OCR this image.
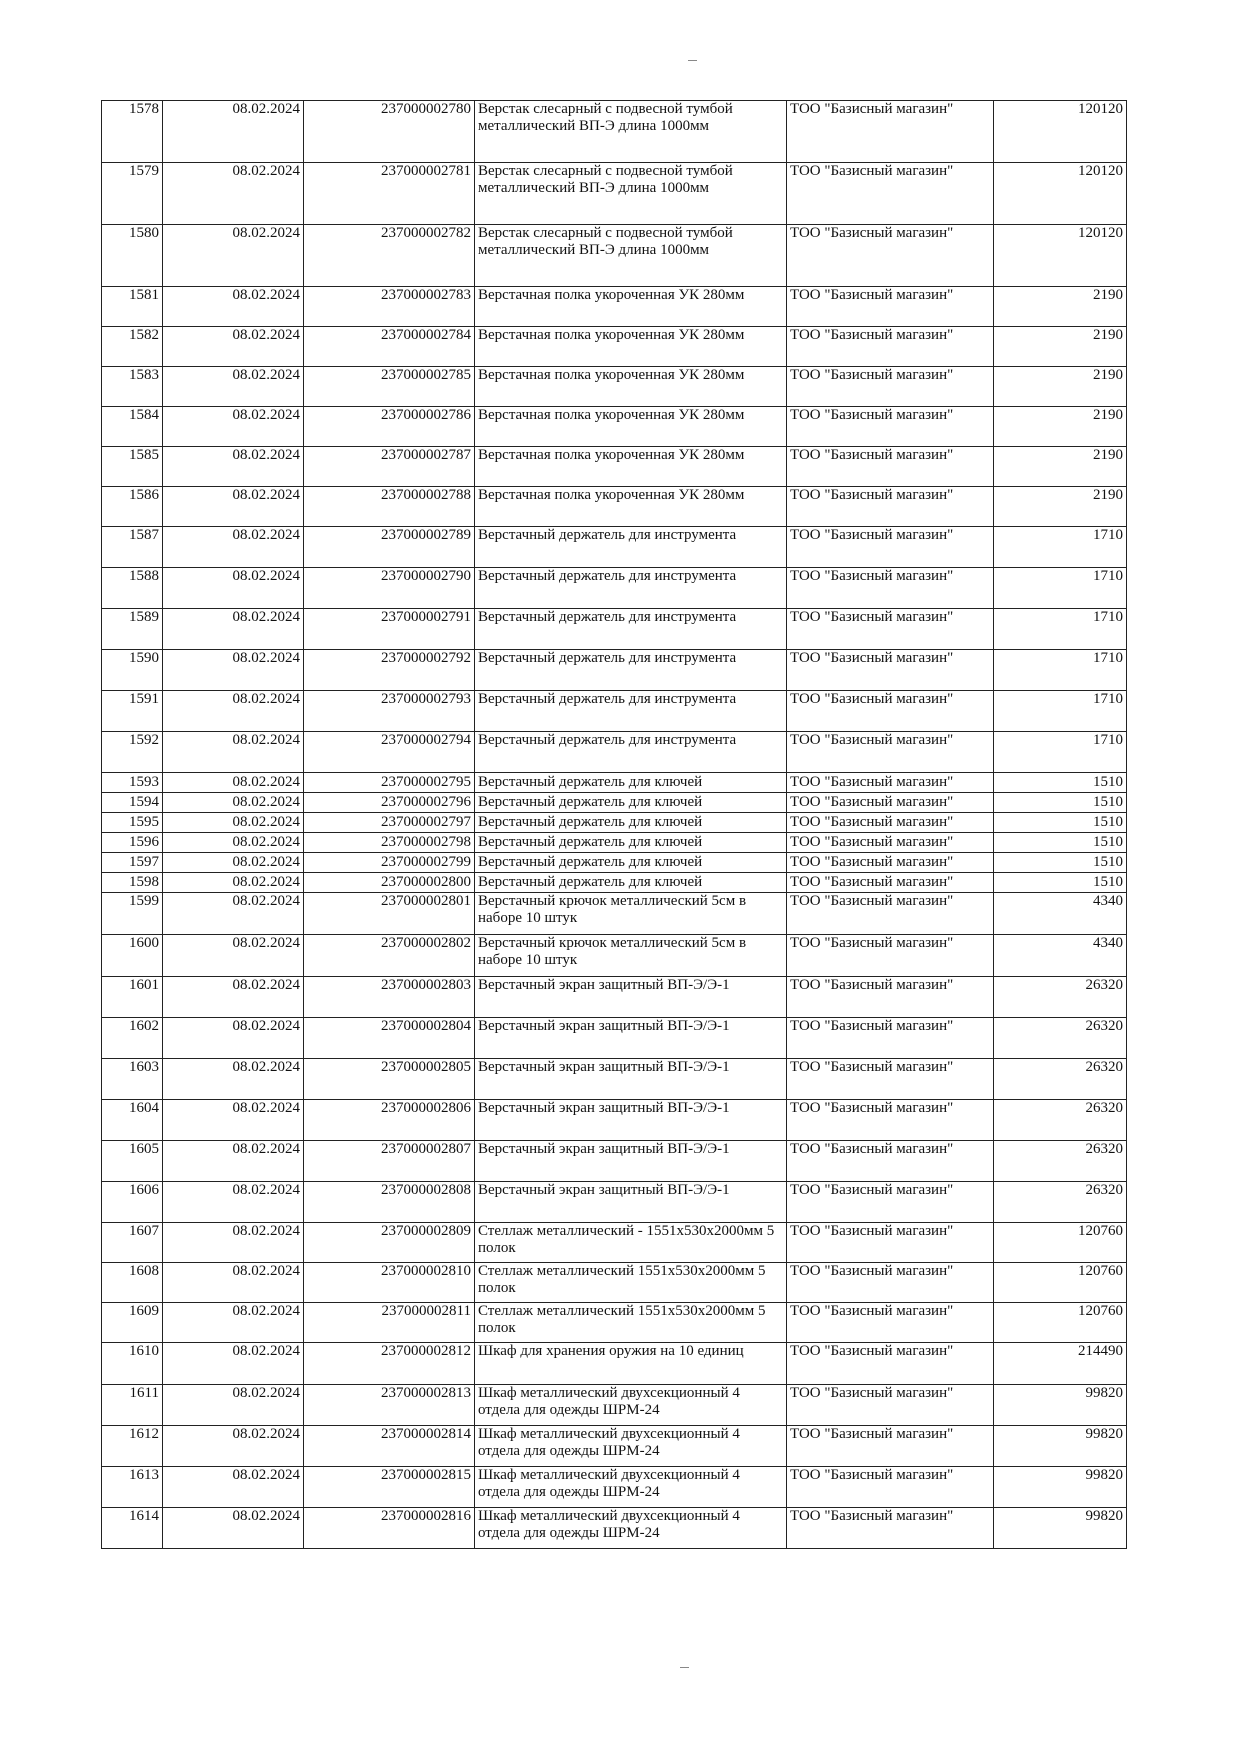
1578	08.02.2024	237000002780	Верстак слесарный с подвесной тумбой металлический ВП-Э длина 1000мм	ТОО "Базисный магазин"	120120
1579	08.02.2024	237000002781	Верстак слесарный с подвесной тумбой металлический ВП-Э длина 1000мм	ТОО "Базисный магазин"	120120
1580	08.02.2024	237000002782	Верстак слесарный с подвесной тумбой металлический ВП-Э длина 1000мм	ТОО "Базисный магазин"	120120
1581	08.02.2024	237000002783	Верстачная полка укороченная УК 280мм	ТОО "Базисный магазин"	2190
1582	08.02.2024	237000002784	Верстачная полка укороченная УК 280мм	ТОО "Базисный магазин"	2190
1583	08.02.2024	237000002785	Верстачная полка укороченная УК 280мм	ТОО "Базисный магазин"	2190
1584	08.02.2024	237000002786	Верстачная полка укороченная УК 280мм	ТОО "Базисный магазин"	2190
1585	08.02.2024	237000002787	Верстачная полка укороченная УК 280мм	ТОО "Базисный магазин"	2190
1586	08.02.2024	237000002788	Верстачная полка укороченная УК 280мм	ТОО "Базисный магазин"	2190
1587	08.02.2024	237000002789	Верстачный держатель для инструмента	ТОО "Базисный магазин"	1710
1588	08.02.2024	237000002790	Верстачный держатель для инструмента	ТОО "Базисный магазин"	1710
1589	08.02.2024	237000002791	Верстачный держатель для инструмента	ТОО "Базисный магазин"	1710
1590	08.02.2024	237000002792	Верстачный держатель для инструмента	ТОО "Базисный магазин"	1710
1591	08.02.2024	237000002793	Верстачный держатель для инструмента	ТОО "Базисный магазин"	1710
1592	08.02.2024	237000002794	Верстачный держатель для инструмента	ТОО "Базисный магазин"	1710
1593	08.02.2024	237000002795	Верстачный держатель для ключей	ТОО "Базисный магазин"	1510
1594	08.02.2024	237000002796	Верстачный держатель для ключей	ТОО "Базисный магазин"	1510
1595	08.02.2024	237000002797	Верстачный держатель для ключей	ТОО "Базисный магазин"	1510
1596	08.02.2024	237000002798	Верстачный держатель для ключей	ТОО "Базисный магазин"	1510
1597	08.02.2024	237000002799	Верстачный держатель для ключей	ТОО "Базисный магазин"	1510
1598	08.02.2024	237000002800	Верстачный держатель для ключей	ТОО "Базисный магазин"	1510
1599	08.02.2024	237000002801	Верстачный крючок металлический 5см в наборе 10 штук	ТОО "Базисный магазин"	4340
1600	08.02.2024	237000002802	Верстачный крючок металлический 5см в наборе 10 штук	ТОО "Базисный магазин"	4340
1601	08.02.2024	237000002803	Верстачный экран защитный ВП-Э/Э-1	ТОО "Базисный магазин"	26320
1602	08.02.2024	237000002804	Верстачный экран защитный ВП-Э/Э-1	ТОО "Базисный магазин"	26320
1603	08.02.2024	237000002805	Верстачный экран защитный ВП-Э/Э-1	ТОО "Базисный магазин"	26320
1604	08.02.2024	237000002806	Верстачный экран защитный ВП-Э/Э-1	ТОО "Базисный магазин"	26320
1605	08.02.2024	237000002807	Верстачный экран защитный ВП-Э/Э-1	ТОО "Базисный магазин"	26320
1606	08.02.2024	237000002808	Верстачный экран защитный ВП-Э/Э-1	ТОО "Базисный магазин"	26320
1607	08.02.2024	237000002809	Стеллаж металлический - 1551х530х2000мм 5 полок	ТОО "Базисный магазин"	120760
1608	08.02.2024	237000002810	Стеллаж металлический 1551х530х2000мм 5 полок	ТОО "Базисный магазин"	120760
1609	08.02.2024	237000002811	Стеллаж металлический 1551х530х2000мм 5 полок	ТОО "Базисный магазин"	120760
1610	08.02.2024	237000002812	Шкаф для хранения оружия на 10 единиц	ТОО "Базисный магазин"	214490
1611	08.02.2024	237000002813	Шкаф металлический двухсекционный 4 отдела для одежды ШРМ-24	ТОО "Базисный магазин"	99820
1612	08.02.2024	237000002814	Шкаф металлический двухсекционный 4 отдела для одежды ШРМ-24	ТОО "Базисный магазин"	99820
1613	08.02.2024	237000002815	Шкаф металлический двухсекционный 4 отдела для одежды ШРМ-24	ТОО "Базисный магазин"	99820
1614	08.02.2024	237000002816	Шкаф металлический двухсекционный 4 отдела для одежды ШРМ-24	ТОО "Базисный магазин"	99820
